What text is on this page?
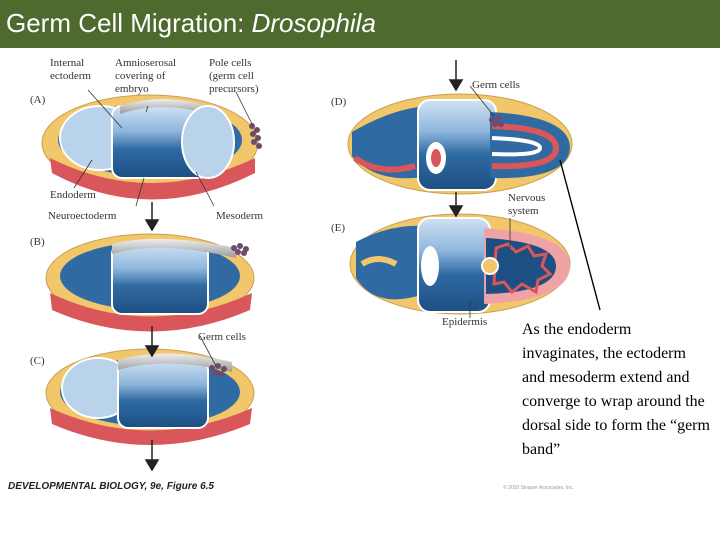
Germ Cell Migration: Drosophila
Internal
ectoderm
Amnioserosal
covering of
embryo
Pole cells
(germ cell
precursors)
Endoderm
Neuroectoderm	Mesoderm
Germ cells
Germ cells
Nervous
system
Epidermis
(A)
(B)
(C)
(D)
(E)
DEVELOPMENTAL BIOLOGY, 9e, Figure 6.5	© 2010 Sinauer Associates, Inc.
As the endoderm invaginates, the ectoderm and mesoderm extend and converge to wrap around the dorsal side to form the “germ band”
